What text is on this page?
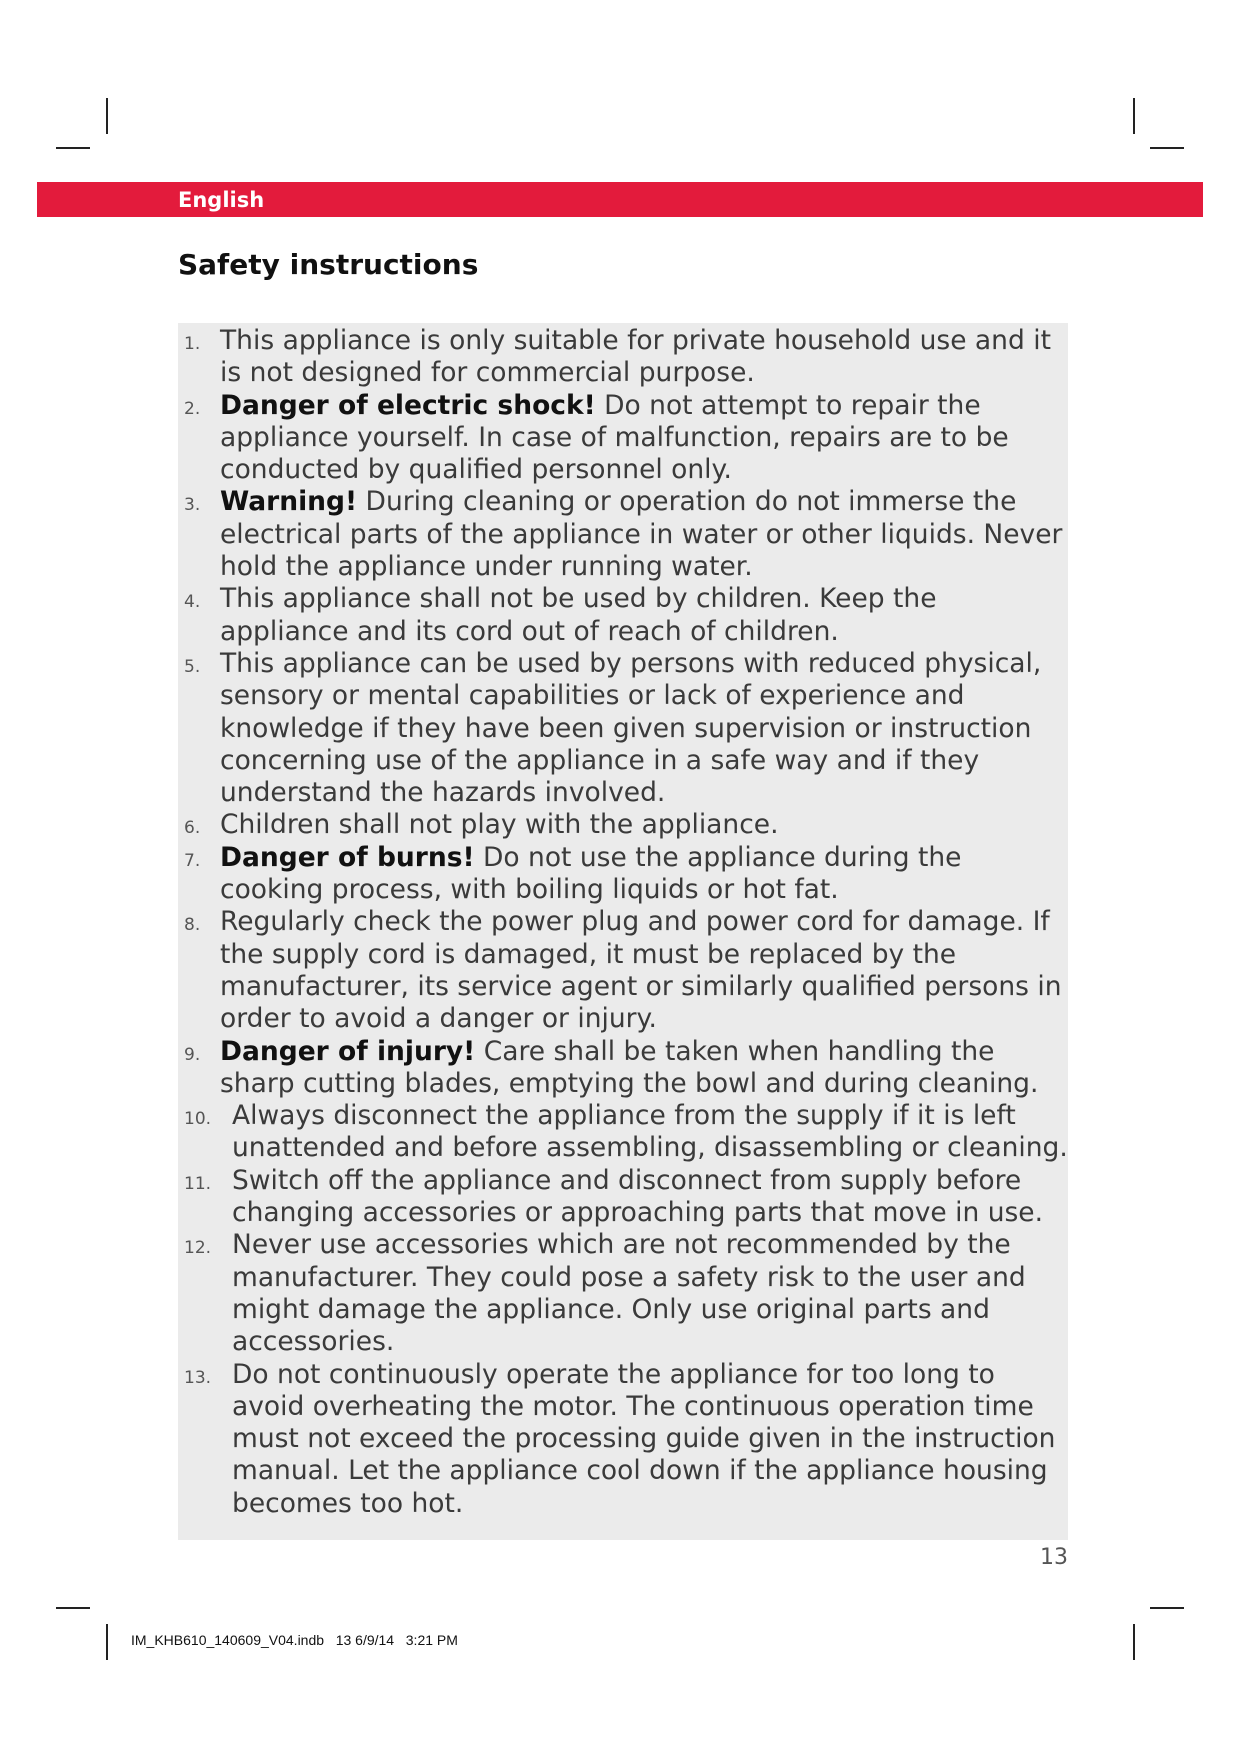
English
Safety instructions
1. This appliance is only suitable for private household use and it is not designed for commercial purpose.
2. Danger of electric shock! Do not attempt to repair the appliance yourself. In case of malfunction, repairs are to be conducted by qualified personnel only.
3. Warning! During cleaning or operation do not immerse the electrical parts of the appliance in water or other liquids. Never hold the appliance under running water.
4. This appliance shall not be used by children. Keep the appliance and its cord out of reach of children.
5. This appliance can be used by persons with reduced physical, sensory or mental capabilities or lack of experience and knowledge if they have been given supervision or instruction concerning use of the appliance in a safe way and if they understand the hazards involved.
6. Children shall not play with the appliance.
7. Danger of burns! Do not use the appliance during the cooking process, with boiling liquids or hot fat.
8. Regularly check the power plug and power cord for damage. If the supply cord is damaged, it must be replaced by the manufacturer, its service agent or similarly qualified persons in order to avoid a danger or injury.
9. Danger of injury! Care shall be taken when handling the sharp cutting blades, emptying the bowl and during cleaning.
10. Always disconnect the appliance from the supply if it is left unattended and before assembling, disassembling or cleaning.
11. Switch off the appliance and disconnect from supply before changing accessories or approaching parts that move in use.
12. Never use accessories which are not recommended by the manufacturer. They could pose a safety risk to the user and might damage the appliance. Only use original parts and accessories.
13. Do not continuously operate the appliance for too long to avoid overheating the motor. The continuous operation time must not exceed the processing guide given in the instruction manual. Let the appliance cool down if the appliance housing becomes too hot.
13
IM_KHB610_140609_V04.indb   13 6/9/14   3:21 PM
